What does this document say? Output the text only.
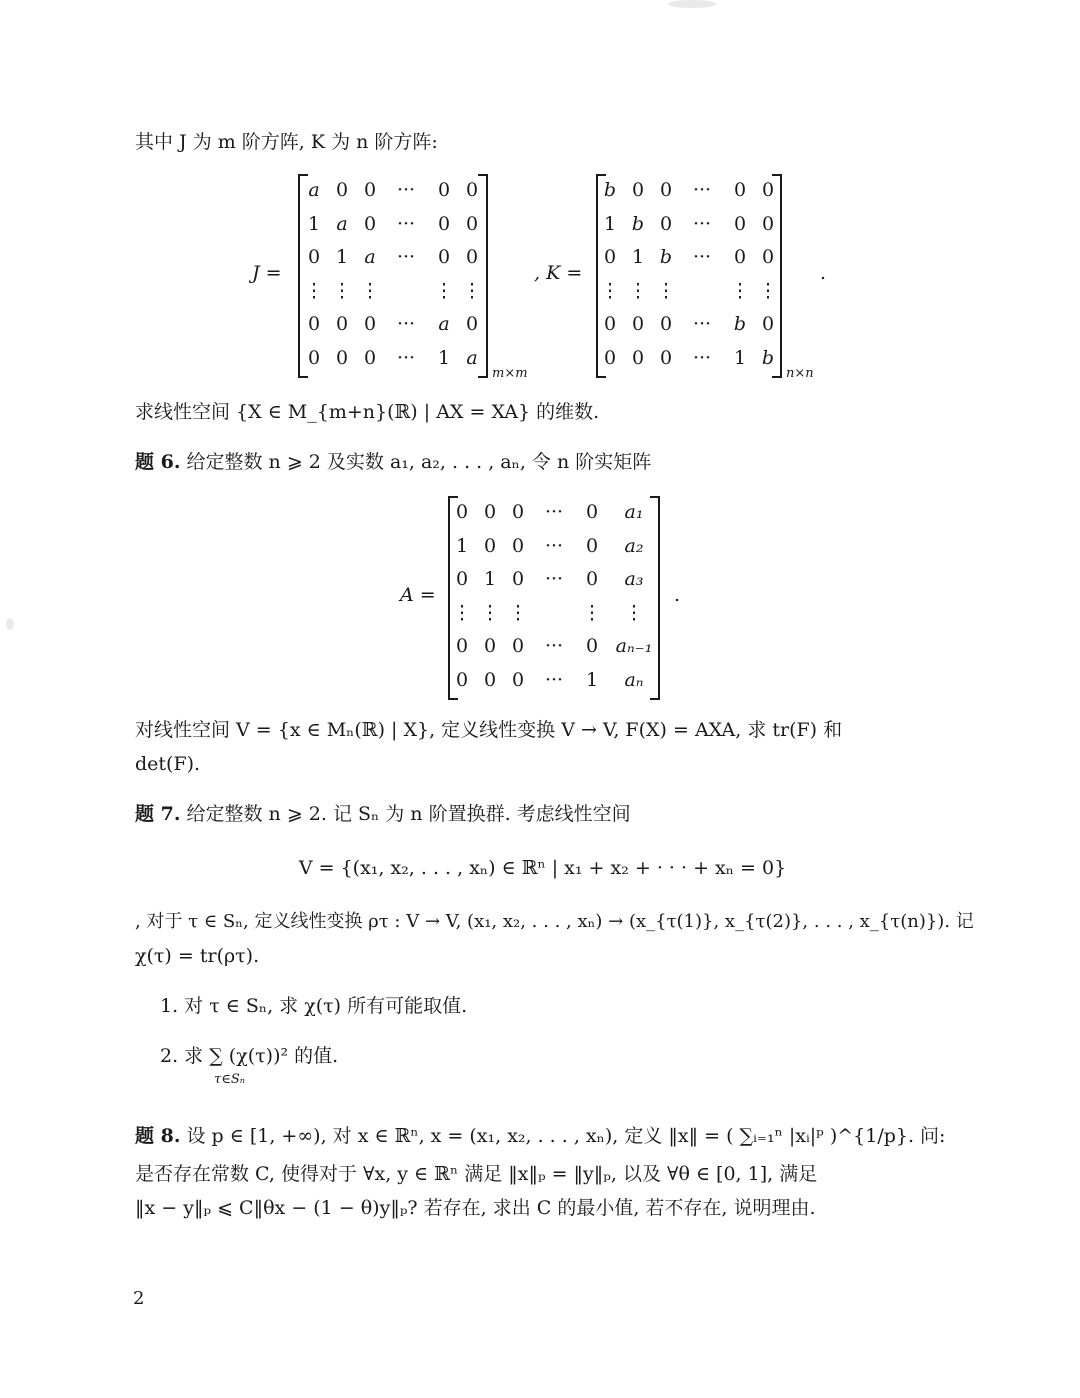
其中 J 为 m 阶方阵, K 为 n 阶方阵:
J =
a 0 0	···	0 0
1 a 0	···	0 0
0 1 a	···	0 0
⋮ ⋮ ⋮	⋮ ⋮
0 0 0	···	a 0
0 0 0	···	1 a
m×m
, K =
b 0 0	···	0 0
1 b 0	···	0 0
0 1 b	···	0 0
⋮ ⋮ ⋮	⋮ ⋮
0 0 0	···	b 0
0 0 0	···	1 b
n×n
.
求线性空间 {X ∈ M_{m+n}(ℝ) | AX = XA} 的维数.
题 6. 给定整数 n ⩾ 2 及实数 a₁, a₂, . . . , aₙ, 令 n 阶实矩阵
A =
0 0 0	···	0	a₁
1 0 0	···	0	a₂
0 1 0	···	0	a₃
⋮ ⋮ ⋮	⋮ ⋮
0 0 0	···	0 aₙ₋₁
0 0 0	···	1	aₙ
.
对线性空间 V = {x ∈ Mₙ(ℝ) | X}, 定义线性变换 V → V, F(X) = AXA, 求 tr(F) 和
det(F).
题 7. 给定整数 n ⩾ 2. 记 Sₙ 为 n 阶置换群. 考虑线性空间
V = {(x₁, x₂, . . . , xₙ) ∈ ℝⁿ | x₁ + x₂ + · · · + xₙ = 0}
, 对于 τ ∈ Sₙ, 定义线性变换 ρτ : V → V, (x₁, x₂, . . . , xₙ) → (x_{τ(1)}, x_{τ(2)}, . . . , x_{τ(n)}). 记
χ(τ) = tr(ρτ).
1. 对 τ ∈ Sₙ, 求 χ(τ) 所有可能取值.
2. 求 ∑ (χ(τ))² 的值.
τ∈Sₙ
题 8. 设 p ∈ [1, +∞), 对 x ∈ ℝⁿ, x = (x₁, x₂, . . . , xₙ), 定义 ‖x‖ = ( ∑ᵢ₌₁ⁿ |xᵢ|ᵖ )^{1/p}. 问:
是否存在常数 C, 使得对于 ∀x, y ∈ ℝⁿ 满足 ‖x‖ₚ = ‖y‖ₚ, 以及 ∀θ ∈ [0, 1], 满足
‖x − y‖ₚ ⩽ C‖θx − (1 − θ)y‖ₚ? 若存在, 求出 C 的最小值, 若不存在, 说明理由.
2
